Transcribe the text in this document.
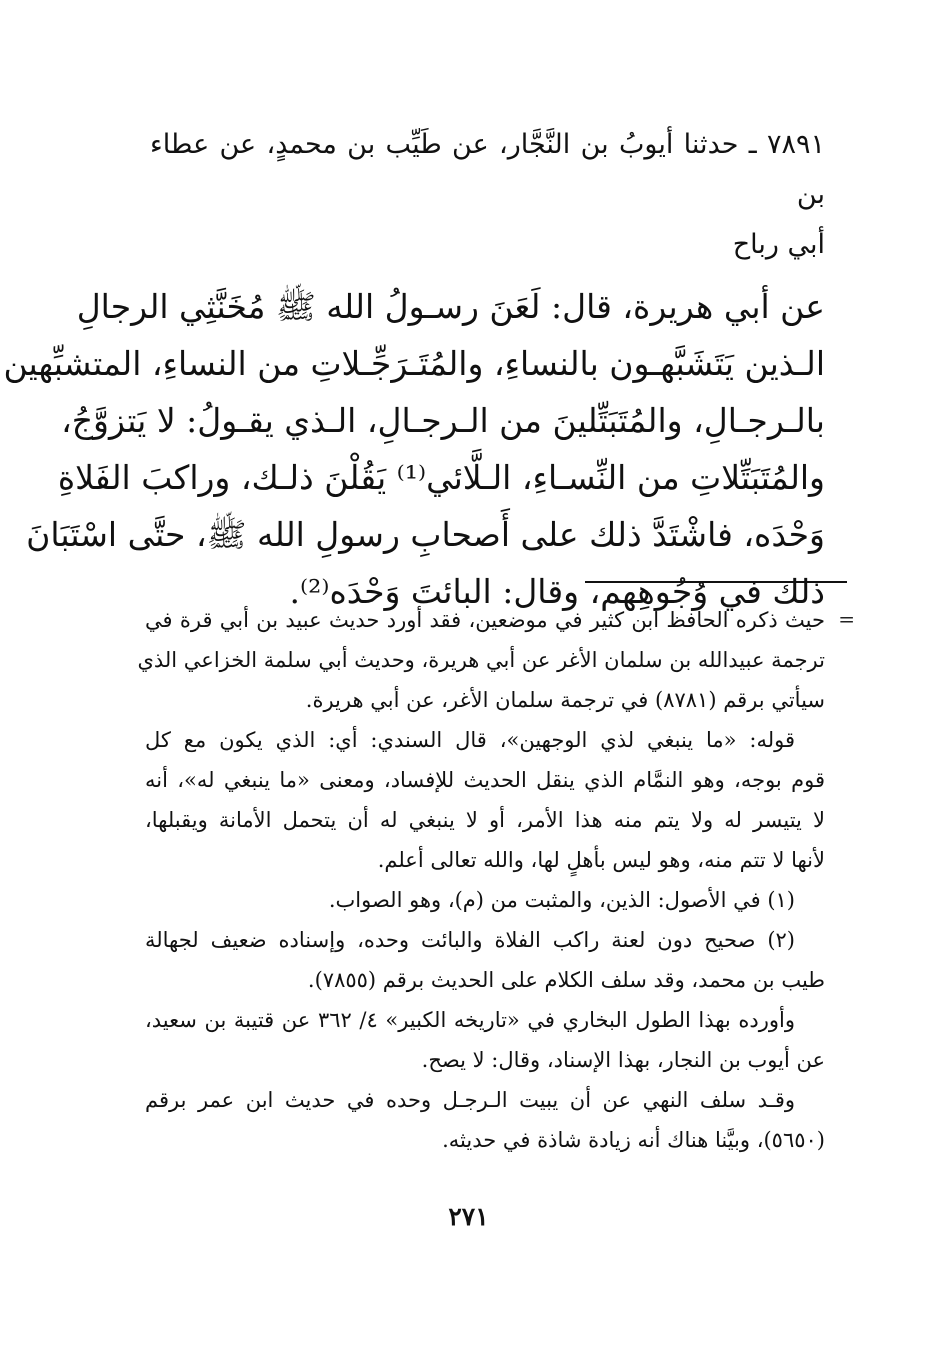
٧٨٩١ ـ حدثنا أيوبُ بن النَّجَّار، عن طَيِّب بن محمدٍ، عن عطاء بن

أبي رباح

عن أبي هريرة، قال: لَعَنَ رسـولُ الله ﷺ مُخَنَّثِي الرجالِ

الـذين يَتَشَبَّهـون بالنساءِ، والمُتَـرَجِّـلاتِ من النساءِ، المتشبِّهين

بالـرجـالِ، والمُتَبَتِّلينَ من الـرجـالِ، الـذي يقـولُ: لا يَتزوَّجُ،

والمُتَبَتِّلاتِ من النِّسـاءِ، الـلَّائي⁽¹⁾ يَقُلْنَ ذلـك، وراكبَ الفَلاةِ

وَحْدَه، فاشْتَدَّ ذلك على أَصحابِ رسولِ الله ﷺ، حتَّى اسْتَبَانَ

ذلك في وُجُوهِهم، وقال: البائتَ وَحْدَه⁽²⁾.

=

حيث ذكره الحافظ ابن كثير في موضعين، فقد أورد حديث عبيد بن أبي قرة في

ترجمة عبيدالله بن سلمان الأغر عن أبي هريرة، وحديث أبي سلمة الخزاعي الذي

سيأتي برقم (٨٧٨١) في ترجمة سلمان الأغر، عن أبي هريرة.

قوله: «ما ينبغي لذي الوجهين»، قال السندي: أي: الذي يكون مع كل

قوم بوجه، وهو النمَّام الذي ينقل الحديث للإفساد، ومعنى «ما ينبغي له»، أنه

لا يتيسر له ولا يتم منه هذا الأمر، أو لا ينبغي له أن يتحمل الأمانة ويقبلها،

لأنها لا تتم منه، وهو ليس بأهلٍ لها، والله تعالى أعلم.

(١) في الأصول: الذين، والمثبت من (م)، وهو الصواب.

(٢) صحيح دون لعنة راكب الفلاة والبائت وحده، وإسناده ضعيف لجهالة

طيب بن محمد، وقد سلف الكلام على الحديث برقم (٧٨٥٥).

وأورده بهذا الطول البخاري في «تاريخه الكبير» ٤/ ٣٦٢ عن قتيبة بن سعيد،

عن أيوب بن النجار، بهذا الإسناد، وقال: لا يصح.

وقـد سلف النهي عن أن يبيت الـرجـل وحده في حديث ابن عمر برقم

(٥٦٥٠)، وبيَّنا هناك أنه زيادة شاذة في حديثه.

٢٧١
